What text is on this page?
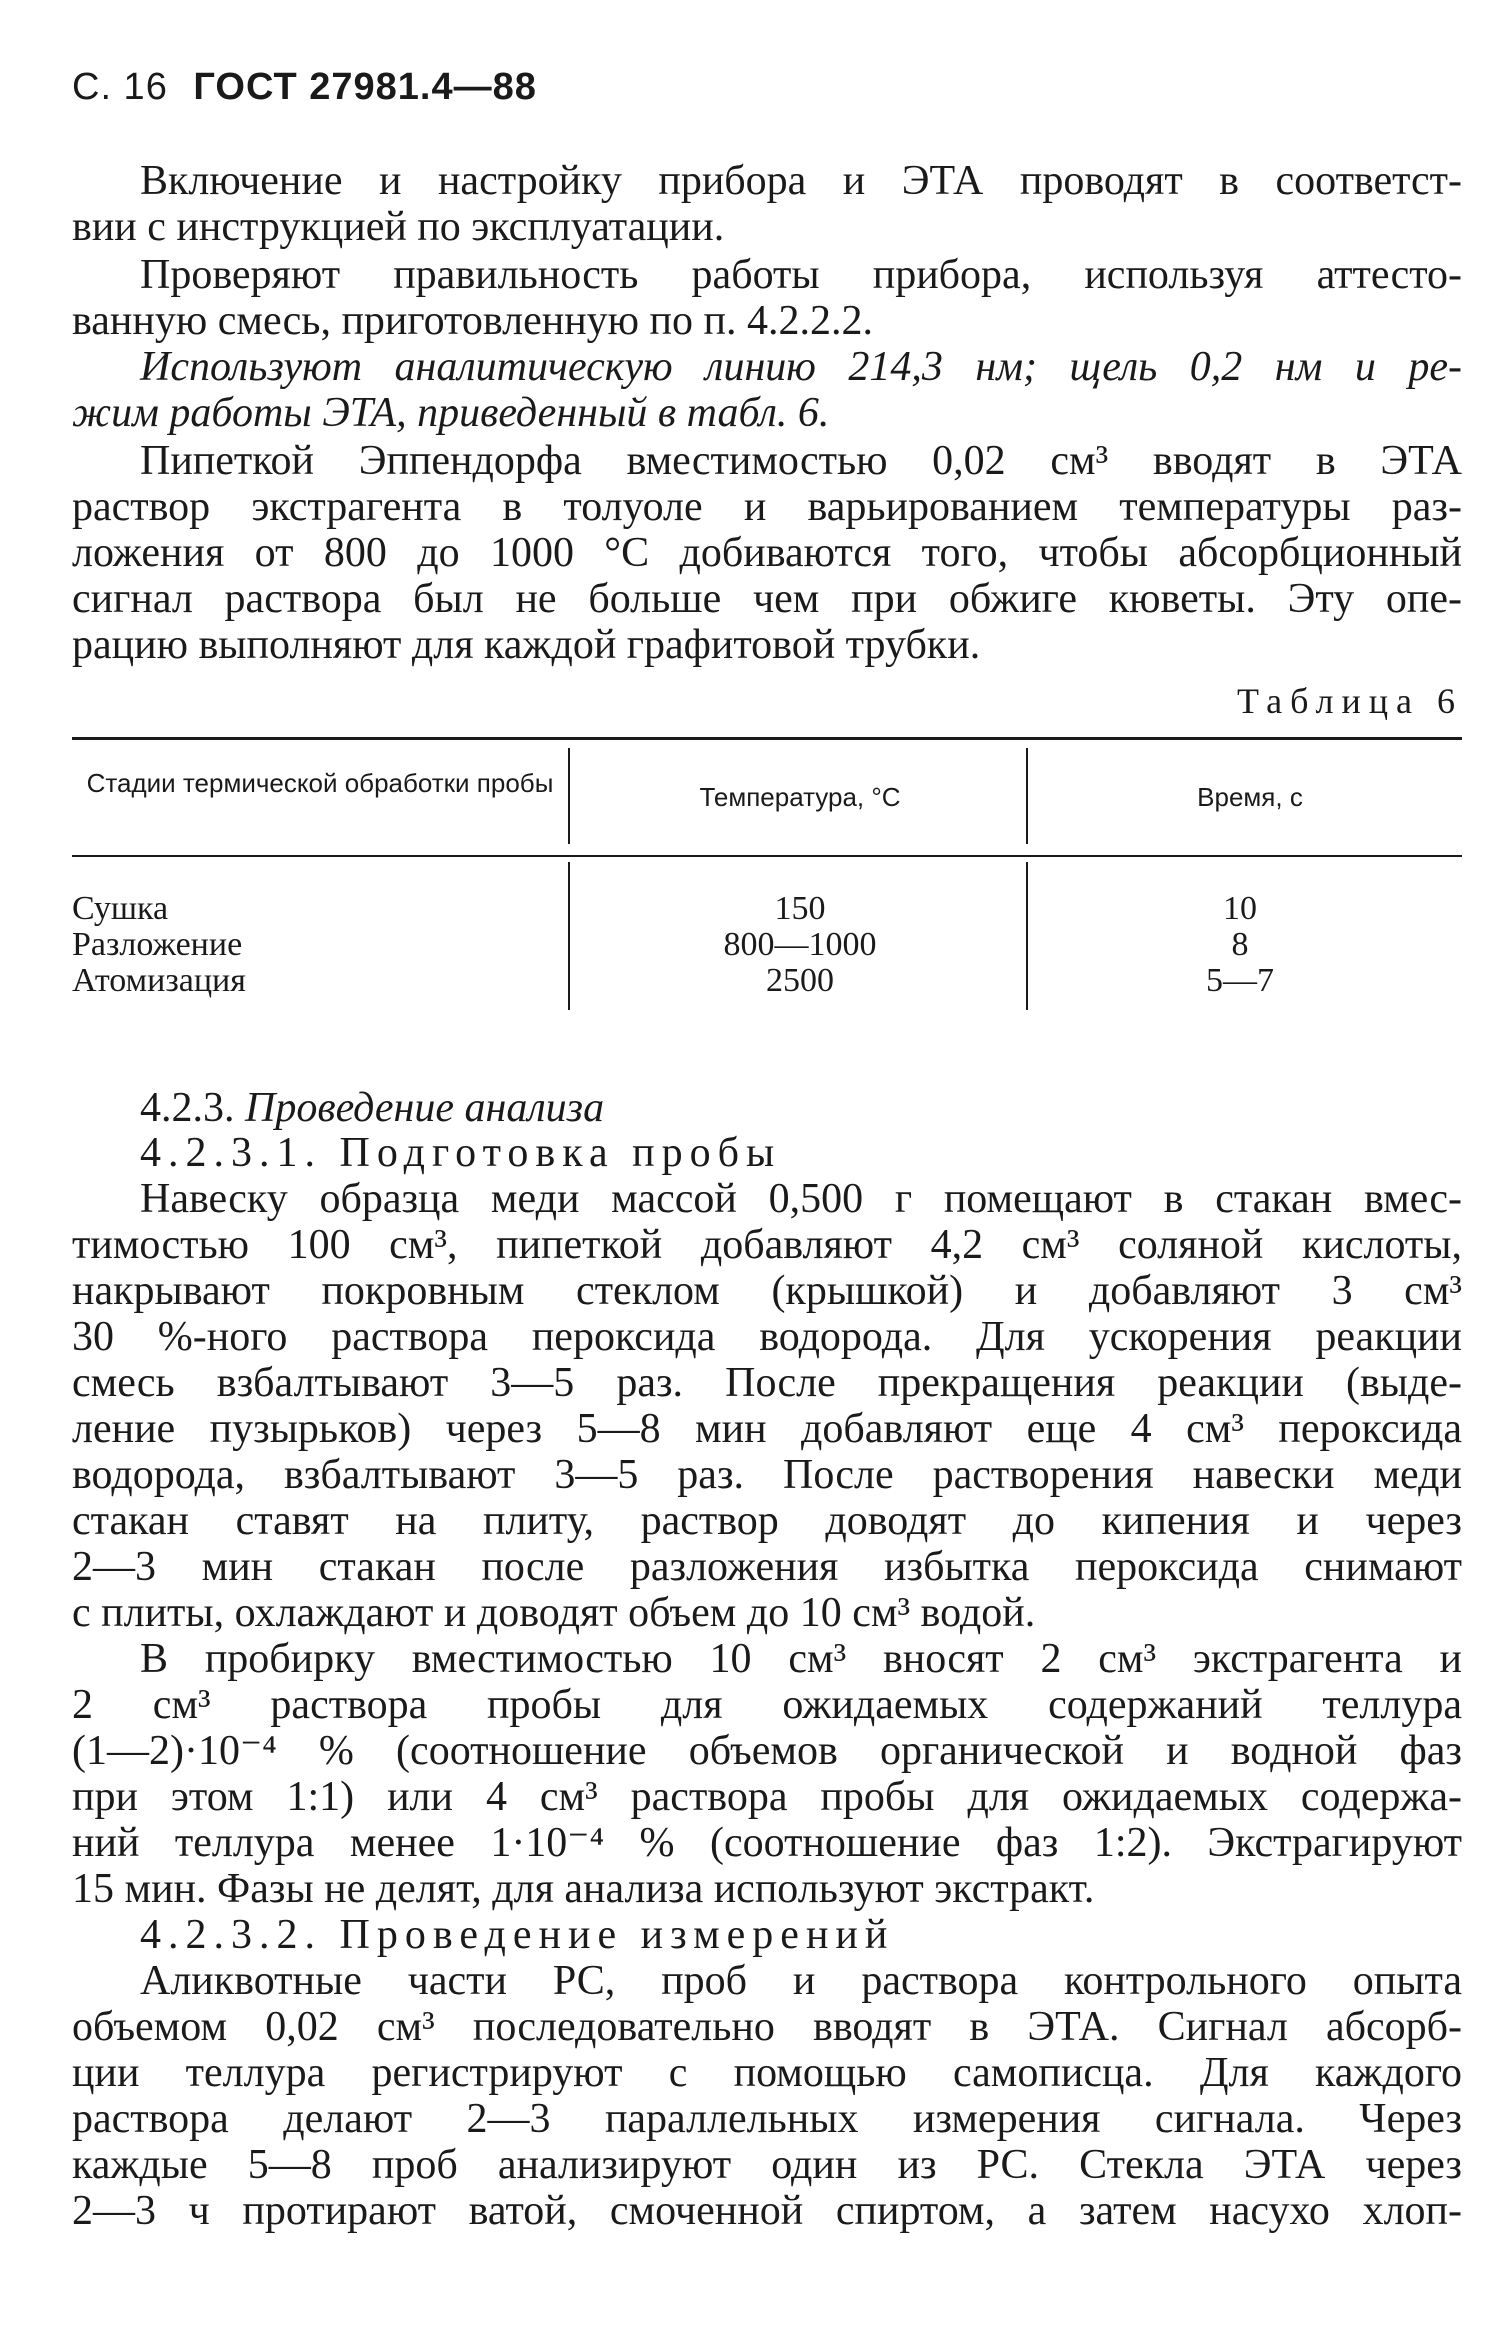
С. 16 ГОСТ 27981.4—88
Включение и настройку прибора и ЭТА проводят в соответст-
вии с инструкцией по эксплуатации.
Проверяют правильность работы прибора, используя аттесто-
ванную смесь, приготовленную по п. 4.2.2.2.
Используют аналитическую линию 214,3 нм; щель 0,2 нм и ре-
жим работы ЭТА, приведенный в табл. 6.
Пипеткой Эппендорфа вместимостью 0,02 см³ вводят в ЭТА
раствор экстрагента в толуоле и варьированием температуры раз-
ложения от 800 до 1000 °С добиваются того, чтобы абсорбционный
сигнал раствора был не больше чем при обжиге кюветы. Эту опе-
рацию выполняют для каждой графитовой трубки.
Таблица 6
Стадии термической обработки пробы	Температура, °С	Время, с
Сушка	150	10
Разложение	800—1000	8
Атомизация	2500	5—7
4.2.3. Проведение анализа
4.2.3.1. Подготовка пробы
Навеску образца меди массой 0,500 г помещают в стакан вмес-
тимостью 100 см³, пипеткой добавляют 4,2 см³ соляной кислоты,
накрывают покровным стеклом (крышкой) и добавляют 3 см³
30 %-ного раствора пероксида водорода. Для ускорения реакции
смесь взбалтывают 3—5 раз. После прекращения реакции (выде-
ление пузырьков) через 5—8 мин добавляют еще 4 см³ пероксида
водорода, взбалтывают 3—5 раз. После растворения навески меди
стакан ставят на плиту, раствор доводят до кипения и через
2—3 мин стакан после разложения избытка пероксида снимают
с плиты, охлаждают и доводят объем до 10 см³ водой.
В пробирку вместимостью 10 см³ вносят 2 см³ экстрагента и
2 см³ раствора пробы для ожидаемых содержаний теллура
(1—2)·10⁻⁴ % (соотношение объемов органической и водной фаз
при этом 1:1) или 4 см³ раствора пробы для ожидаемых содержа-
ний теллура менее 1·10⁻⁴ % (соотношение фаз 1:2). Экстрагируют
15 мин. Фазы не делят, для анализа используют экстракт.
4.2.3.2. Проведение измерений
Аликвотные части РС, проб и раствора контрольного опыта
объемом 0,02 см³ последовательно вводят в ЭТА. Сигнал абсорб-
ции теллура регистрируют с помощью самописца. Для каждого
раствора делают 2—3 параллельных измерения сигнала. Через
каждые 5—8 проб анализируют один из РС. Стекла ЭТА через
2—3 ч протирают ватой, смоченной спиртом, а затем насухо хлоп-
